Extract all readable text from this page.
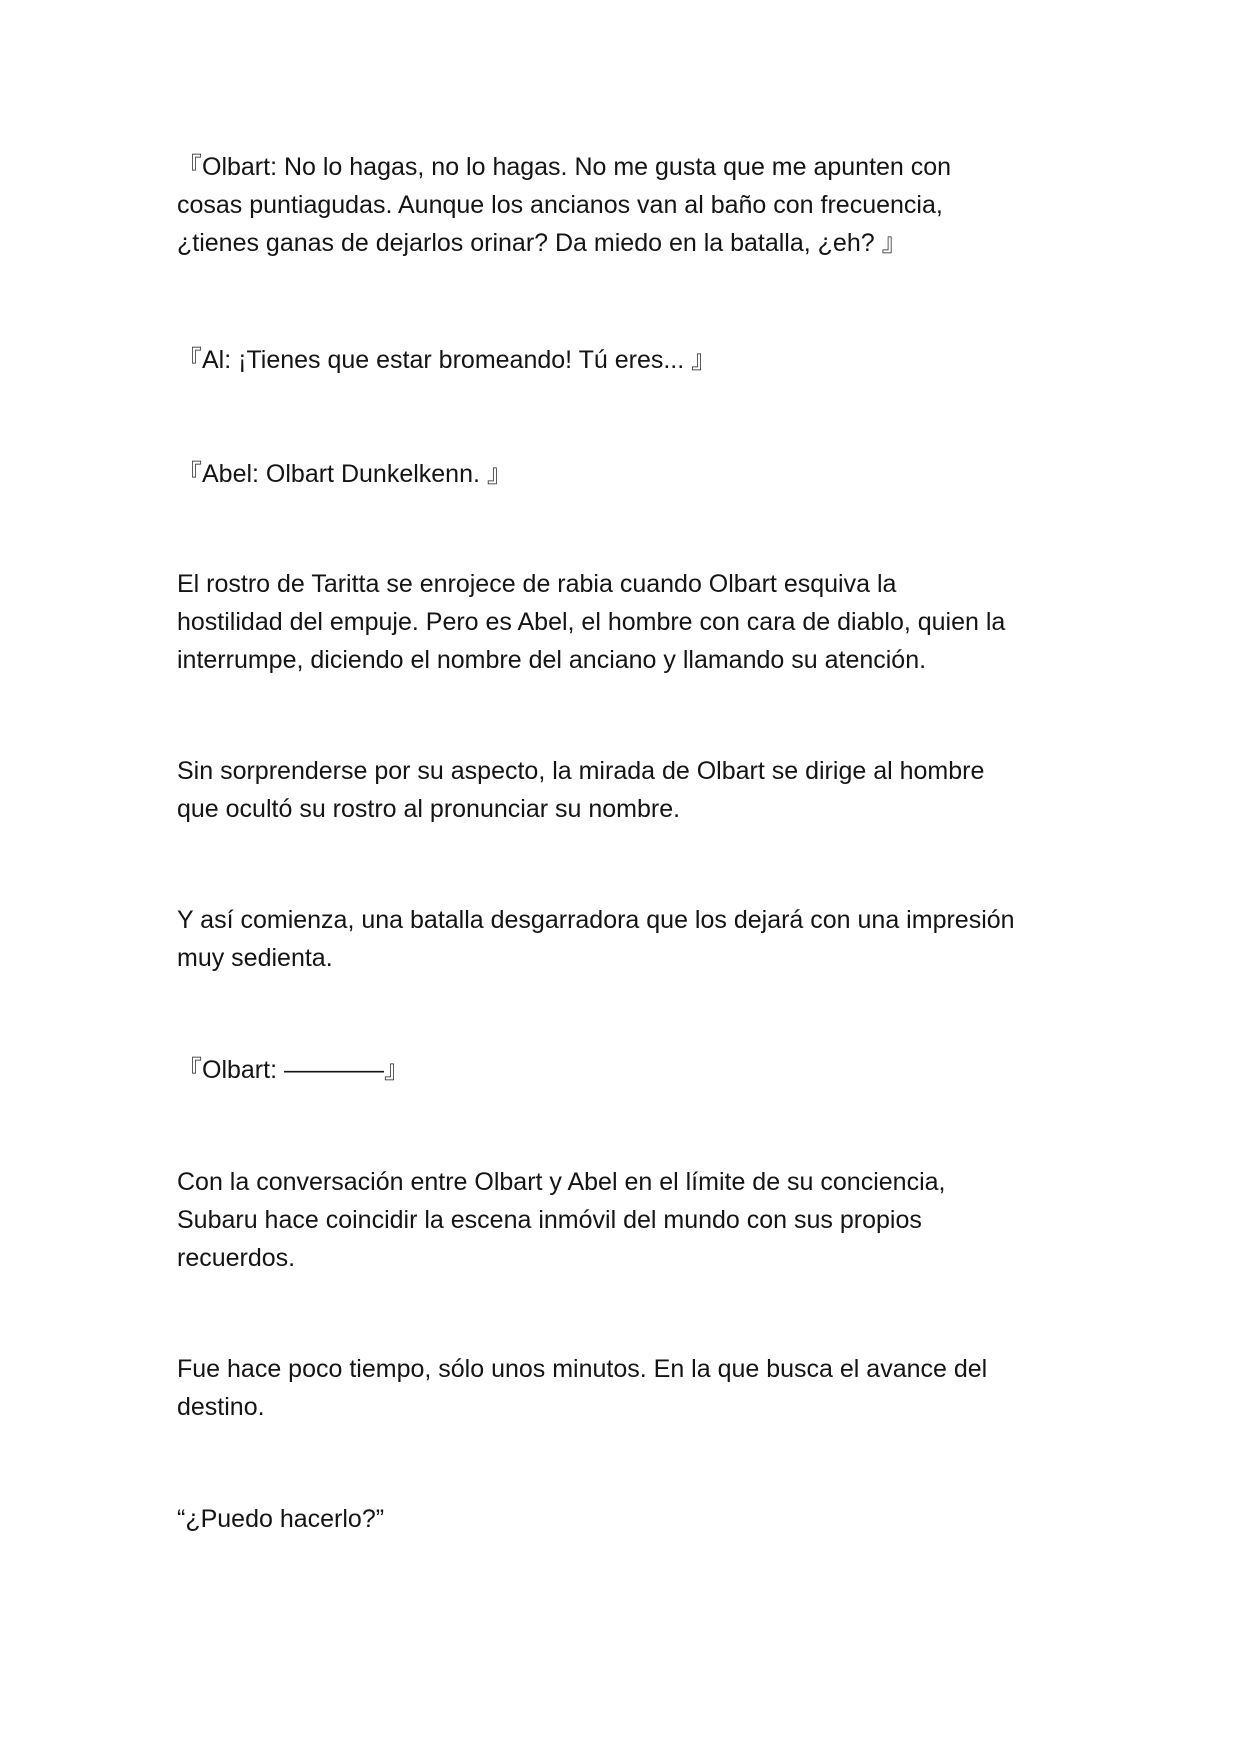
『Olbart: No lo hagas, no lo hagas. No me gusta que me apunten con
cosas puntiagudas. Aunque los ancianos van al baño con frecuencia,
¿tienes ganas de dejarlos orinar? Da miedo en la batalla, ¿eh? 』

『Al: ¡Tienes que estar bromeando! Tú eres... 』

『Abel: Olbart Dunkelkenn. 』

El rostro de Taritta se enrojece de rabia cuando Olbart esquiva la
hostilidad del empuje. Pero es Abel, el hombre con cara de diablo, quien la
interrumpe, diciendo el nombre del anciano y llamando su atención.

Sin sorprenderse por su aspecto, la mirada de Olbart se dirige al hombre
que ocultó su rostro al pronunciar su nombre.

Y así comienza, una batalla desgarradora que los dejará con una impresión
muy sedienta.

『Olbart: ————』

Con la conversación entre Olbart y Abel en el límite de su conciencia,
Subaru hace coincidir la escena inmóvil del mundo con sus propios
recuerdos.

Fue hace poco tiempo, sólo unos minutos. En la que busca el avance del
destino.

“¿Puedo hacerlo?”
